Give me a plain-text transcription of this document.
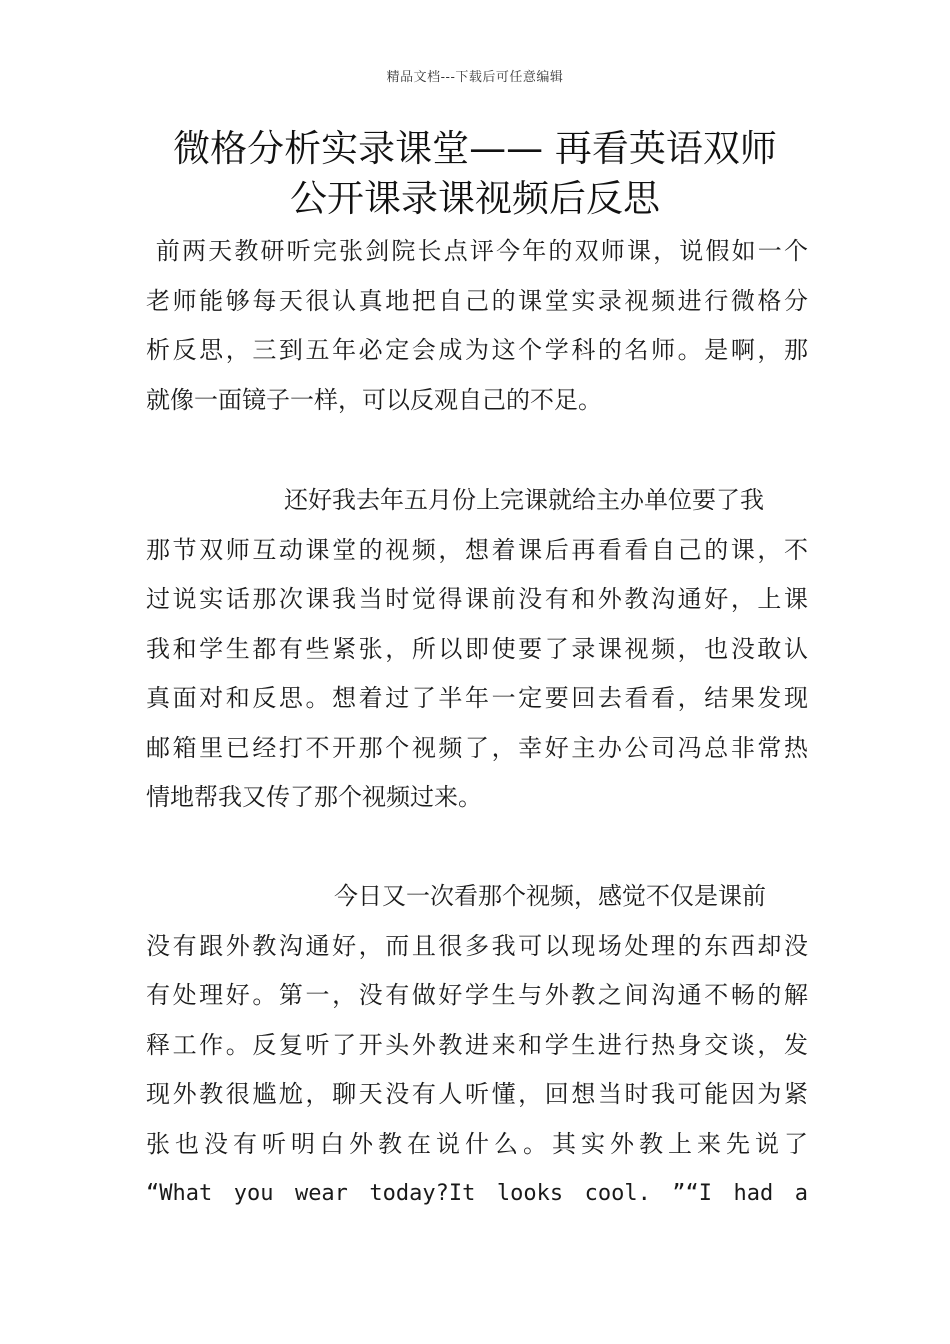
精品文档---下载后可任意编辑
微格分析实录课堂—— 再看英语双师
公开课录课视频后反思
前两天教研听完张剑院长点评今年的双师课，说假如一个
老师能够每天很认真地把自己的课堂实录视频进行微格分
析反思，三到五年必定会成为这个学科的名师。是啊，那
就像一面镜子一样，可以反观自己的不足。
还好我去年五月份上完课就给主办单位要了我
那节双师互动课堂的视频，想着课后再看看自己的课，不
过说实话那次课我当时觉得课前没有和外教沟通好，上课
我和学生都有些紧张，所以即使要了录课视频，也没敢认
真面对和反思。想着过了半年一定要回去看看，结果发现
邮箱里已经打不开那个视频了，幸好主办公司冯总非常热
情地帮我又传了那个视频过来。
今日又一次看那个视频，感觉不仅是课前
没有跟外教沟通好，而且很多我可以现场处理的东西却没
有处理好。第一，没有做好学生与外教之间沟通不畅的解
释工作。反复听了开头外教进来和学生进行热身交谈，发
现外教很尴尬，聊天没有人听懂，回想当时我可能因为紧
张也没有听明白外教在说什么。其实外教上来先说了
“What you wear today?It looks cool. ”“I had a
